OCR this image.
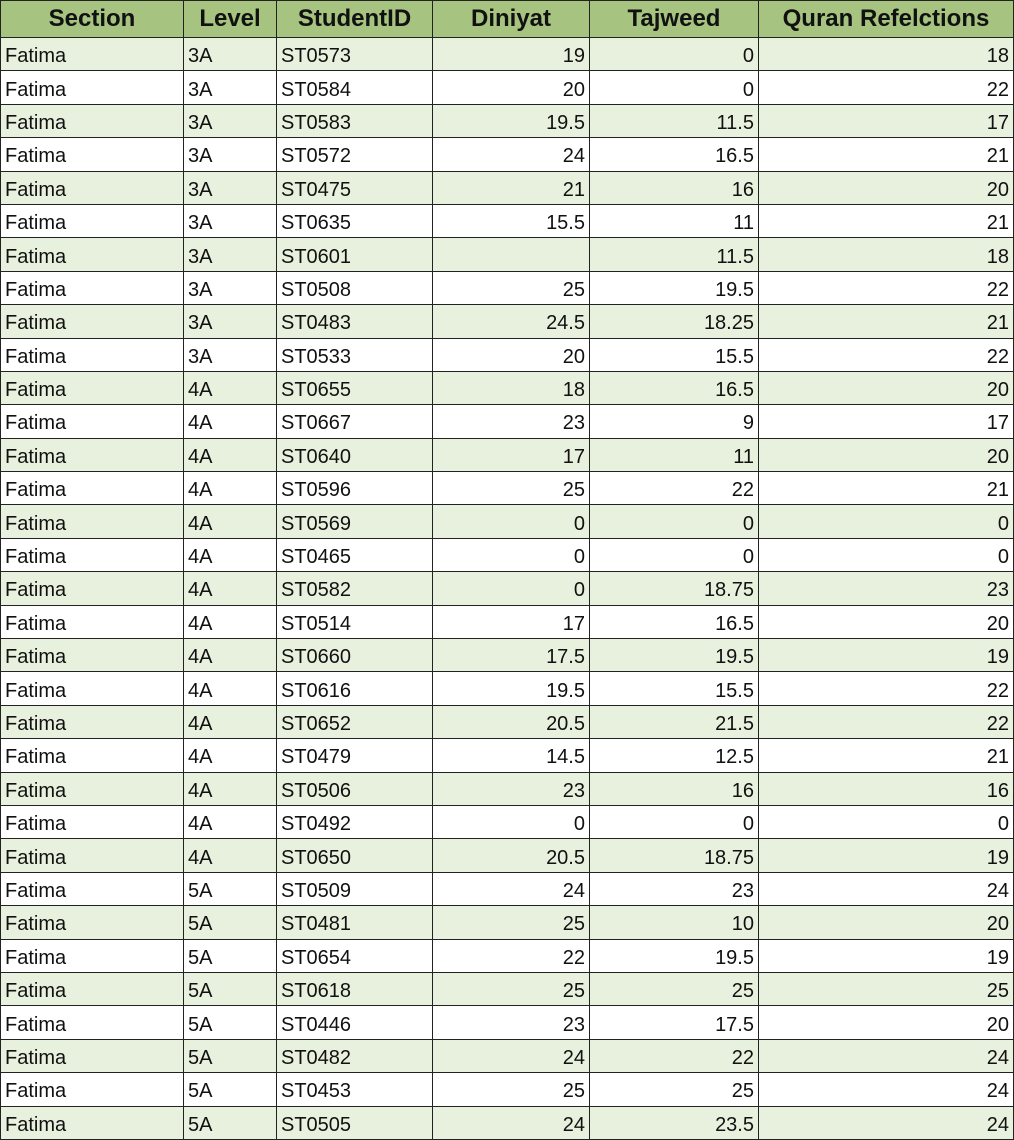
Section	Level	StudentID	Diniyat	Tajweed	Quran Refelctions
Fatima	3A	ST0573	19	0	18
Fatima	3A	ST0584	20	0	22
Fatima	3A	ST0583	19.5	11.5	17
Fatima	3A	ST0572	24	16.5	21
Fatima	3A	ST0475	21	16	20
Fatima	3A	ST0635	15.5	11	21
Fatima	3A	ST0601		11.5	18
Fatima	3A	ST0508	25	19.5	22
Fatima	3A	ST0483	24.5	18.25	21
Fatima	3A	ST0533	20	15.5	22
Fatima	4A	ST0655	18	16.5	20
Fatima	4A	ST0667	23	9	17
Fatima	4A	ST0640	17	11	20
Fatima	4A	ST0596	25	22	21
Fatima	4A	ST0569	0	0	0
Fatima	4A	ST0465	0	0	0
Fatima	4A	ST0582	0	18.75	23
Fatima	4A	ST0514	17	16.5	20
Fatima	4A	ST0660	17.5	19.5	19
Fatima	4A	ST0616	19.5	15.5	22
Fatima	4A	ST0652	20.5	21.5	22
Fatima	4A	ST0479	14.5	12.5	21
Fatima	4A	ST0506	23	16	16
Fatima	4A	ST0492	0	0	0
Fatima	4A	ST0650	20.5	18.75	19
Fatima	5A	ST0509	24	23	24
Fatima	5A	ST0481	25	10	20
Fatima	5A	ST0654	22	19.5	19
Fatima	5A	ST0618	25	25	25
Fatima	5A	ST0446	23	17.5	20
Fatima	5A	ST0482	24	22	24
Fatima	5A	ST0453	25	25	24
Fatima	5A	ST0505	24	23.5	24
